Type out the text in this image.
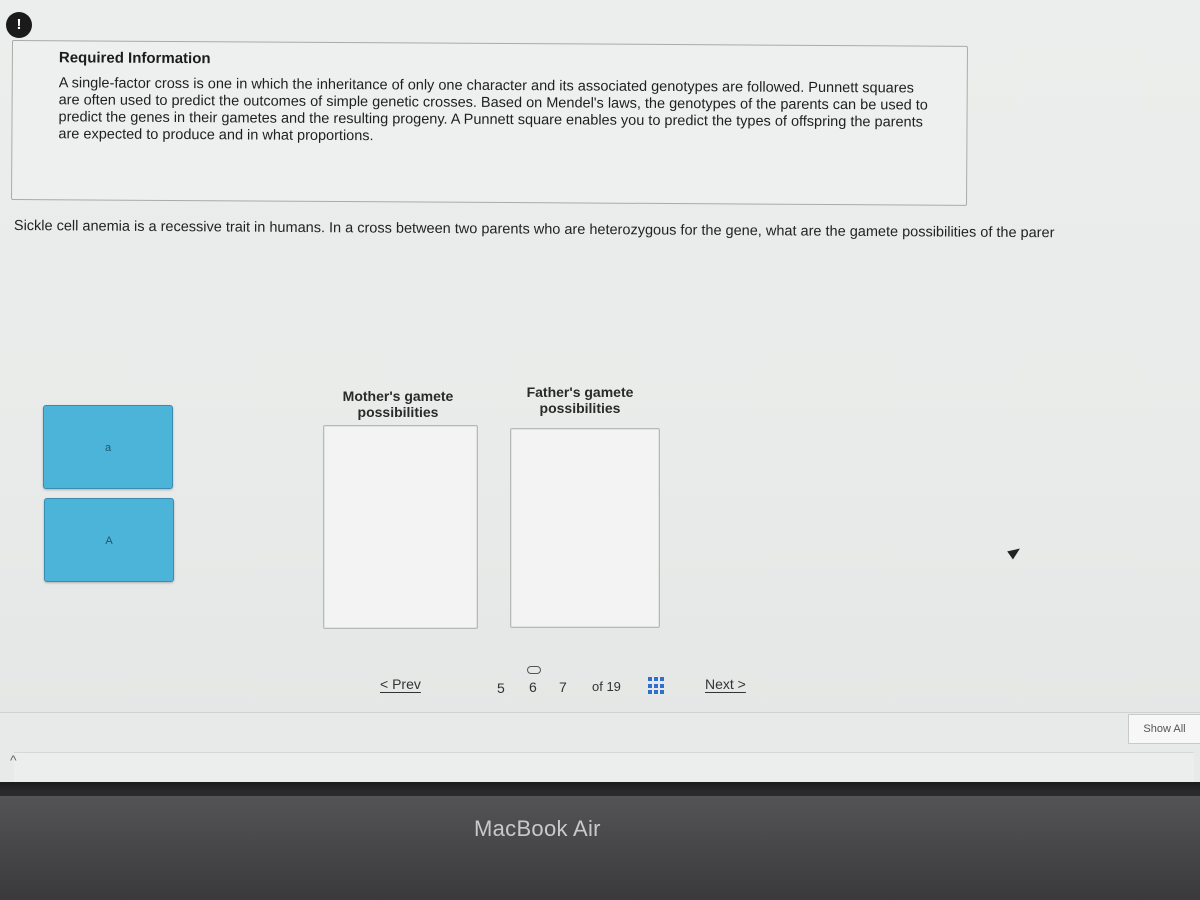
!
Required Information
A single-factor cross is one in which the inheritance of only one character and its associated genotypes are followed. Punnett squares are often used to predict the outcomes of simple genetic crosses. Based on Mendel's laws, the genotypes of the parents can be used to predict the genes in their gametes and the resulting progeny. A Punnett square enables you to predict the types of offspring the parents are expected to produce and in what proportions.
Sickle cell anemia is a recessive trait in humans. In a cross between two parents who are heterozygous for the gene, what are the gamete possibilities of the parer
a
A
Mother's gamete possibilities
Father's gamete possibilities
< Prev	5 6 7 of 19	Next >
Show All
^
MacBook Air
